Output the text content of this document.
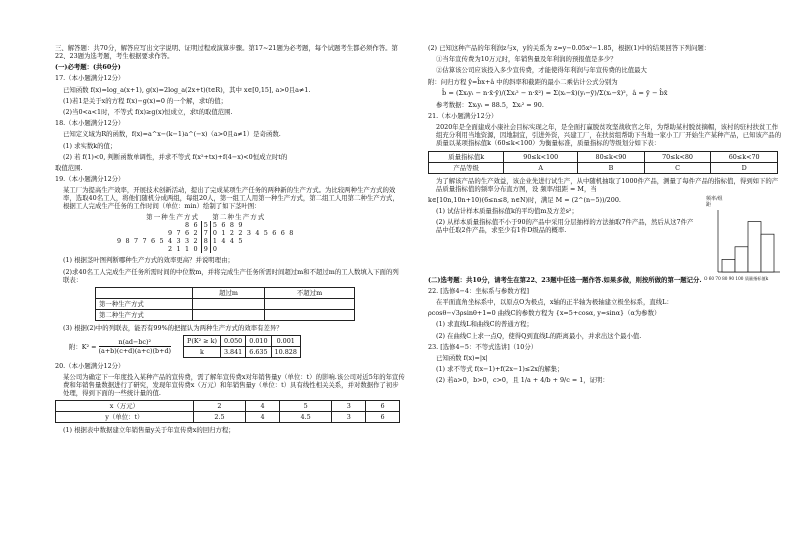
三、解答题：共70分，解答应写出文字说明、证明过程或演算步骤。第17~21题为必考题，每个试题考生都必须作答。第22、23题为选考题，考生根据要求作答。

(一)必考题：(共60分)

17.（本小题满分12分）

已知函数 f(x)=log_a(x+1), g(x)=2log_a(2x+t)(t∈R)，其中 x∈[0,15], a>0且a≠1.

(1)若1是关于x的方程 f(x)−g(x)=0 的一个解，求t的值；

(2)当0<a<1时，不等式 f(x)≥g(x)恒成立，求t的取值范围.

18.（本小题满分12分）

已知定义域为R的函数，f(x)=a^x−(k−1)a^(−x)（a>0且a≠1）是奇函数.

(1) 求实数k的值；

(2) 若 f(1)<0, 判断函数单调性，并求不等式 f(x²+tx)+f(4−x)<0恒成立时t的

取值范围.

19.（本小题满分12分）

某工厂为提高生产效率，开展技术创新活动，提出了完成某项生产任务的两种新的生产方式。为比较两种生产方式的效率，选取40名工人，将他们随机分成两组，每组20人，第一组工人用第一种生产方式，第二组工人用第二种生产方式，根据工人完成生产任务的工作时间（单位：min）绘制了如下茎叶图：

第一种生产方式		第二种生产方式
8 6	5	5 6 8 9
9 7 6 2	7	0 1 2 2 3 4 5 6 6 8
9 8 7 7 6 5 4 3 3 2	8	1 4 4 5
2 1 1 0	9	0

(1) 根据茎叶图判断哪种生产方式的效率更高？并说明理由；

(2)求40名工人完成生产任务所需时间的中位数m，并将完成生产任务所需时间超过m和不超过m的工人数填入下面的列联表：

	超过m	不超过m
第一种生产方式		
第二种生产方式		

(3) 根据(2)中的列联表，能否有99%的把握认为两种生产方式的效率有差异？

附：$K^2 = \frac{\text{n(ad−bc)²}}{(a+b)(c+d)(a+c)(b+d)}$	P(K² ≥ k)	0.050	0.010	0.001
k	3.841	6.635	10.828

20.（本小题满分12分）

某公司为确定下一年度投入某种产品的宣传费，需了解年宣传费x对年销售量y（单位：t）的影响.该公司对近5年的年宣传费和年销售量数据进行了研究，发现年宣传费x（万元）和年销售量y（单位：t）具有线性相关关系，并对数据作了初步处理，得到下面的一些统计量的值.

x（万元）	2	4	5	3	6
y（单位：t）	2.5	4	4.5	3	6

(1) 根据表中数据建立年销售量y关于年宣传费x的回归方程；

(2) 已知这种产品的年利润z与x，y的关系为 z=y−0.05x²−1.85，根据(1)中的结果回答下列问题：

①当年宣传费为10万元时，年销售量及年利润的预报值是多少？

②估算该公司应该投入多少宣传费，才能使得年利润与年宣传费的比值最大

附：问归方程 ŷ=b̂x+â 中的斜率和截距的最小二乘估计公式分别为

b̂ = (Σxᵢyᵢ − n·x̄·ȳ)/(Σxᵢ² − n·x̄²) = Σ(xᵢ−x̄)(yᵢ−ȳ)/Σ(xᵢ−x̄)²，â = ȳ − b̂x̄

参考数据：Σxᵢyᵢ = 88.5，Σxᵢ² = 90.

21.（本小题满分12分）

2020年是全面建成小康社会目标实现之年，是全面打赢脱贫攻坚战收官之年，为帮助某村脱贫摘帽，该村的驻村扶贫工作组充分利用当地资源，因地制宜，引进外资，兴建工厂，在扶贫组帮助下当地一家小工厂开始生产某种产品，已知该产品的质量以某项指标值k（60≤k<100）为衡量标准，质量指标的等级划分如下表：

质量指标值k	90≤k<100	80≤k<90	70≤k<80	60≤k<70
产品等级	A	B	C	D

为了解该产品的生产效益，该企业先进行试生产，从中随机抽取了1000件产品，测量了每件产品的指标值，得到如下的产品质量指标值的频率分布直方图，设 频率/组距 = M，当

k∈[10n,10n+10)(6≤n≤8, n∈N)时，满足 M = (2^(n−5))/200.

(1) 试估计样本质量指标值k的平均值m及方差s²；

(2) 从样本质量指标值不小于90的产品中采用分层抽样的方法抽取7件产品，然后从这7件产品中任取2件产品，求至少有1件D级品的概率.

频率/组距
O 60 70 80 90 100 质量指标值k

(二)选考题：共10分，请考生在第22、23题中任选一题作答.如果多做，则按所做的第一题记分.

22. [选修4−4：坐标系与参数方程]

在平面直角坐标系中，以原点O为极点，x轴的正半轴为极轴建立极坐标系，直线L：

ρcosθ−√3ρsinθ+1=0 曲线C的参数方程为 {x=5+cosα, y=sinα}（α为参数）

(1) 求直线L和曲线C的普通方程；

(2) 在曲线C上求一点Q，使得Q到直线L的距离最小，并求出这个最小值.

23. [选修4−5：不等式选讲]（10分）

已知函数 f(x)=|x|

(1) 求不等式 f(x−1)+f(2x−1)≤2x的解集；

(2) 若a>0，b>0，c>0，且 1/a + 4/b + 9/c = 1，证明：
